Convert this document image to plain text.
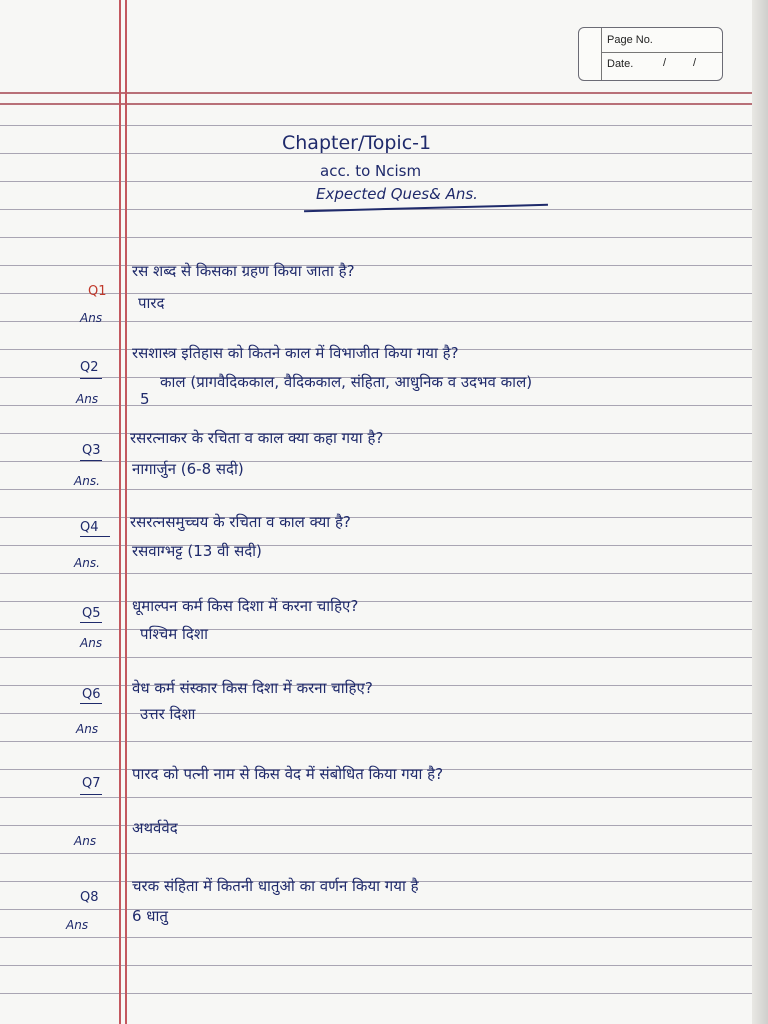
Page No.
Date.	/ /
Chapter/Topic-1
acc. to Ncism
Expected Ques& Ans.
Q1
रस शब्द से किसका ग्रहण किया जाता है?
Ans
पारद
Q2
रसशास्त्र इतिहास को कितने काल में विभाजीत किया गया है?
Ans	5
काल (प्रागवैदिककाल, वैदिककाल, संहिता, आधुनिक व उदभव काल)
Q3
रसरत्नाकर के रचिता व काल क्या कहा गया है?
Ans.
नागार्जुन (6-8 सदी)
Q4 रसरत्नसमुच्चय के रचिता व काल क्या है?
Ans.
रसवाग्भट्ट (13 वी सदी)
Q5 धूमाल्पन कर्म किस दिशा में करना चाहिए?
Ans	पश्चिम दिशा
Q6 वेध कर्म संस्कार किस दिशा में करना चाहिए?
Ans
उत्तर दिशा
Q7
पारद को पत्नी नाम से किस वेद में संबोधित किया गया है?
Ans
अथर्ववेद
Q8
चरक संहिता में कितनी धातुओ का वर्णन किया गया है
Ans	6 धातु
